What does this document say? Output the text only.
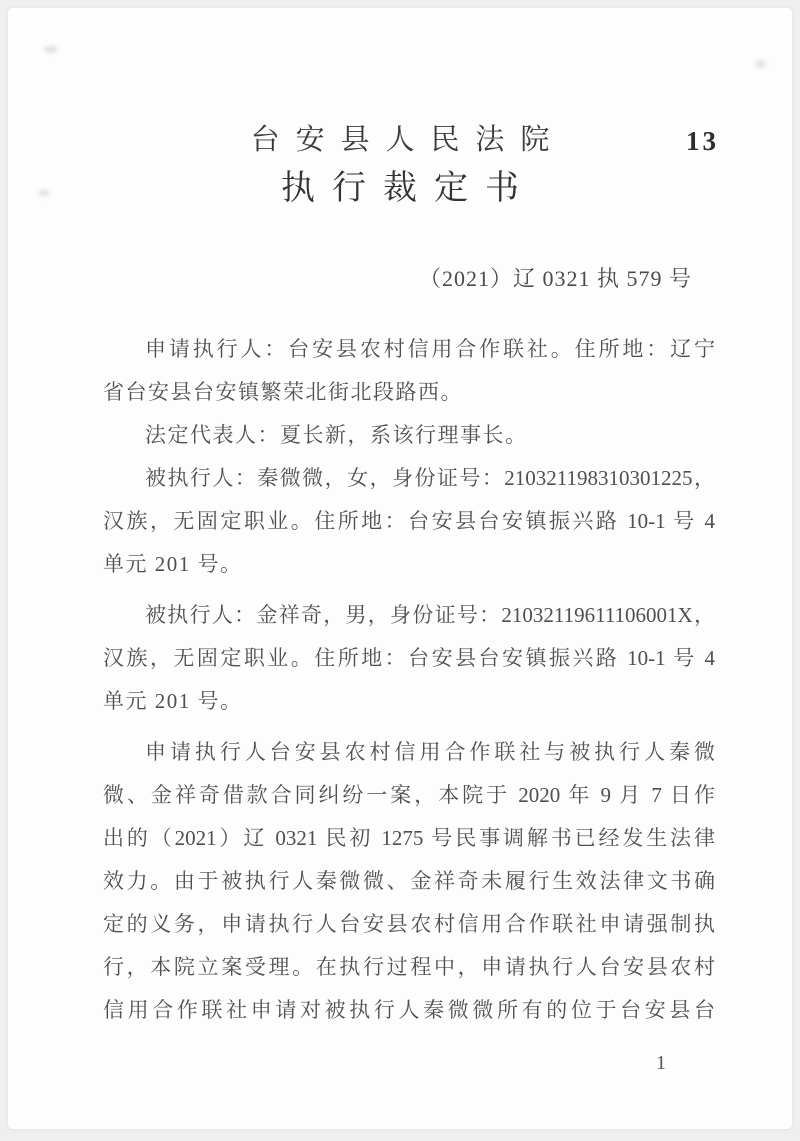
13
台安县人民法院
执行裁定书
（2021）辽 0321 执 579 号
申请执行人：台安县农村信用合作联社。住所地：辽宁
省台安县台安镇繁荣北街北段路西。
法定代表人：夏长新，系该行理事长。
被执行人：秦微微，女，身份证号：210321198310301225，
汉族，无固定职业。住所地：台安县台安镇振兴路 10-1 号 4
单元 201 号。
被执行人：金祥奇，男，身份证号：21032119611106001X，
汉族，无固定职业。住所地：台安县台安镇振兴路 10-1 号 4
单元 201 号。
申请执行人台安县农村信用合作联社与被执行人秦微
微、金祥奇借款合同纠纷一案，本院于 2020 年 9 月 7 日作
出的（2021）辽 0321 民初 1275 号民事调解书已经发生法律
效力。由于被执行人秦微微、金祥奇未履行生效法律文书确
定的义务，申请执行人台安县农村信用合作联社申请强制执
行，本院立案受理。在执行过程中，申请执行人台安县农村
信用合作联社申请对被执行人秦微微所有的位于台安县台
1
